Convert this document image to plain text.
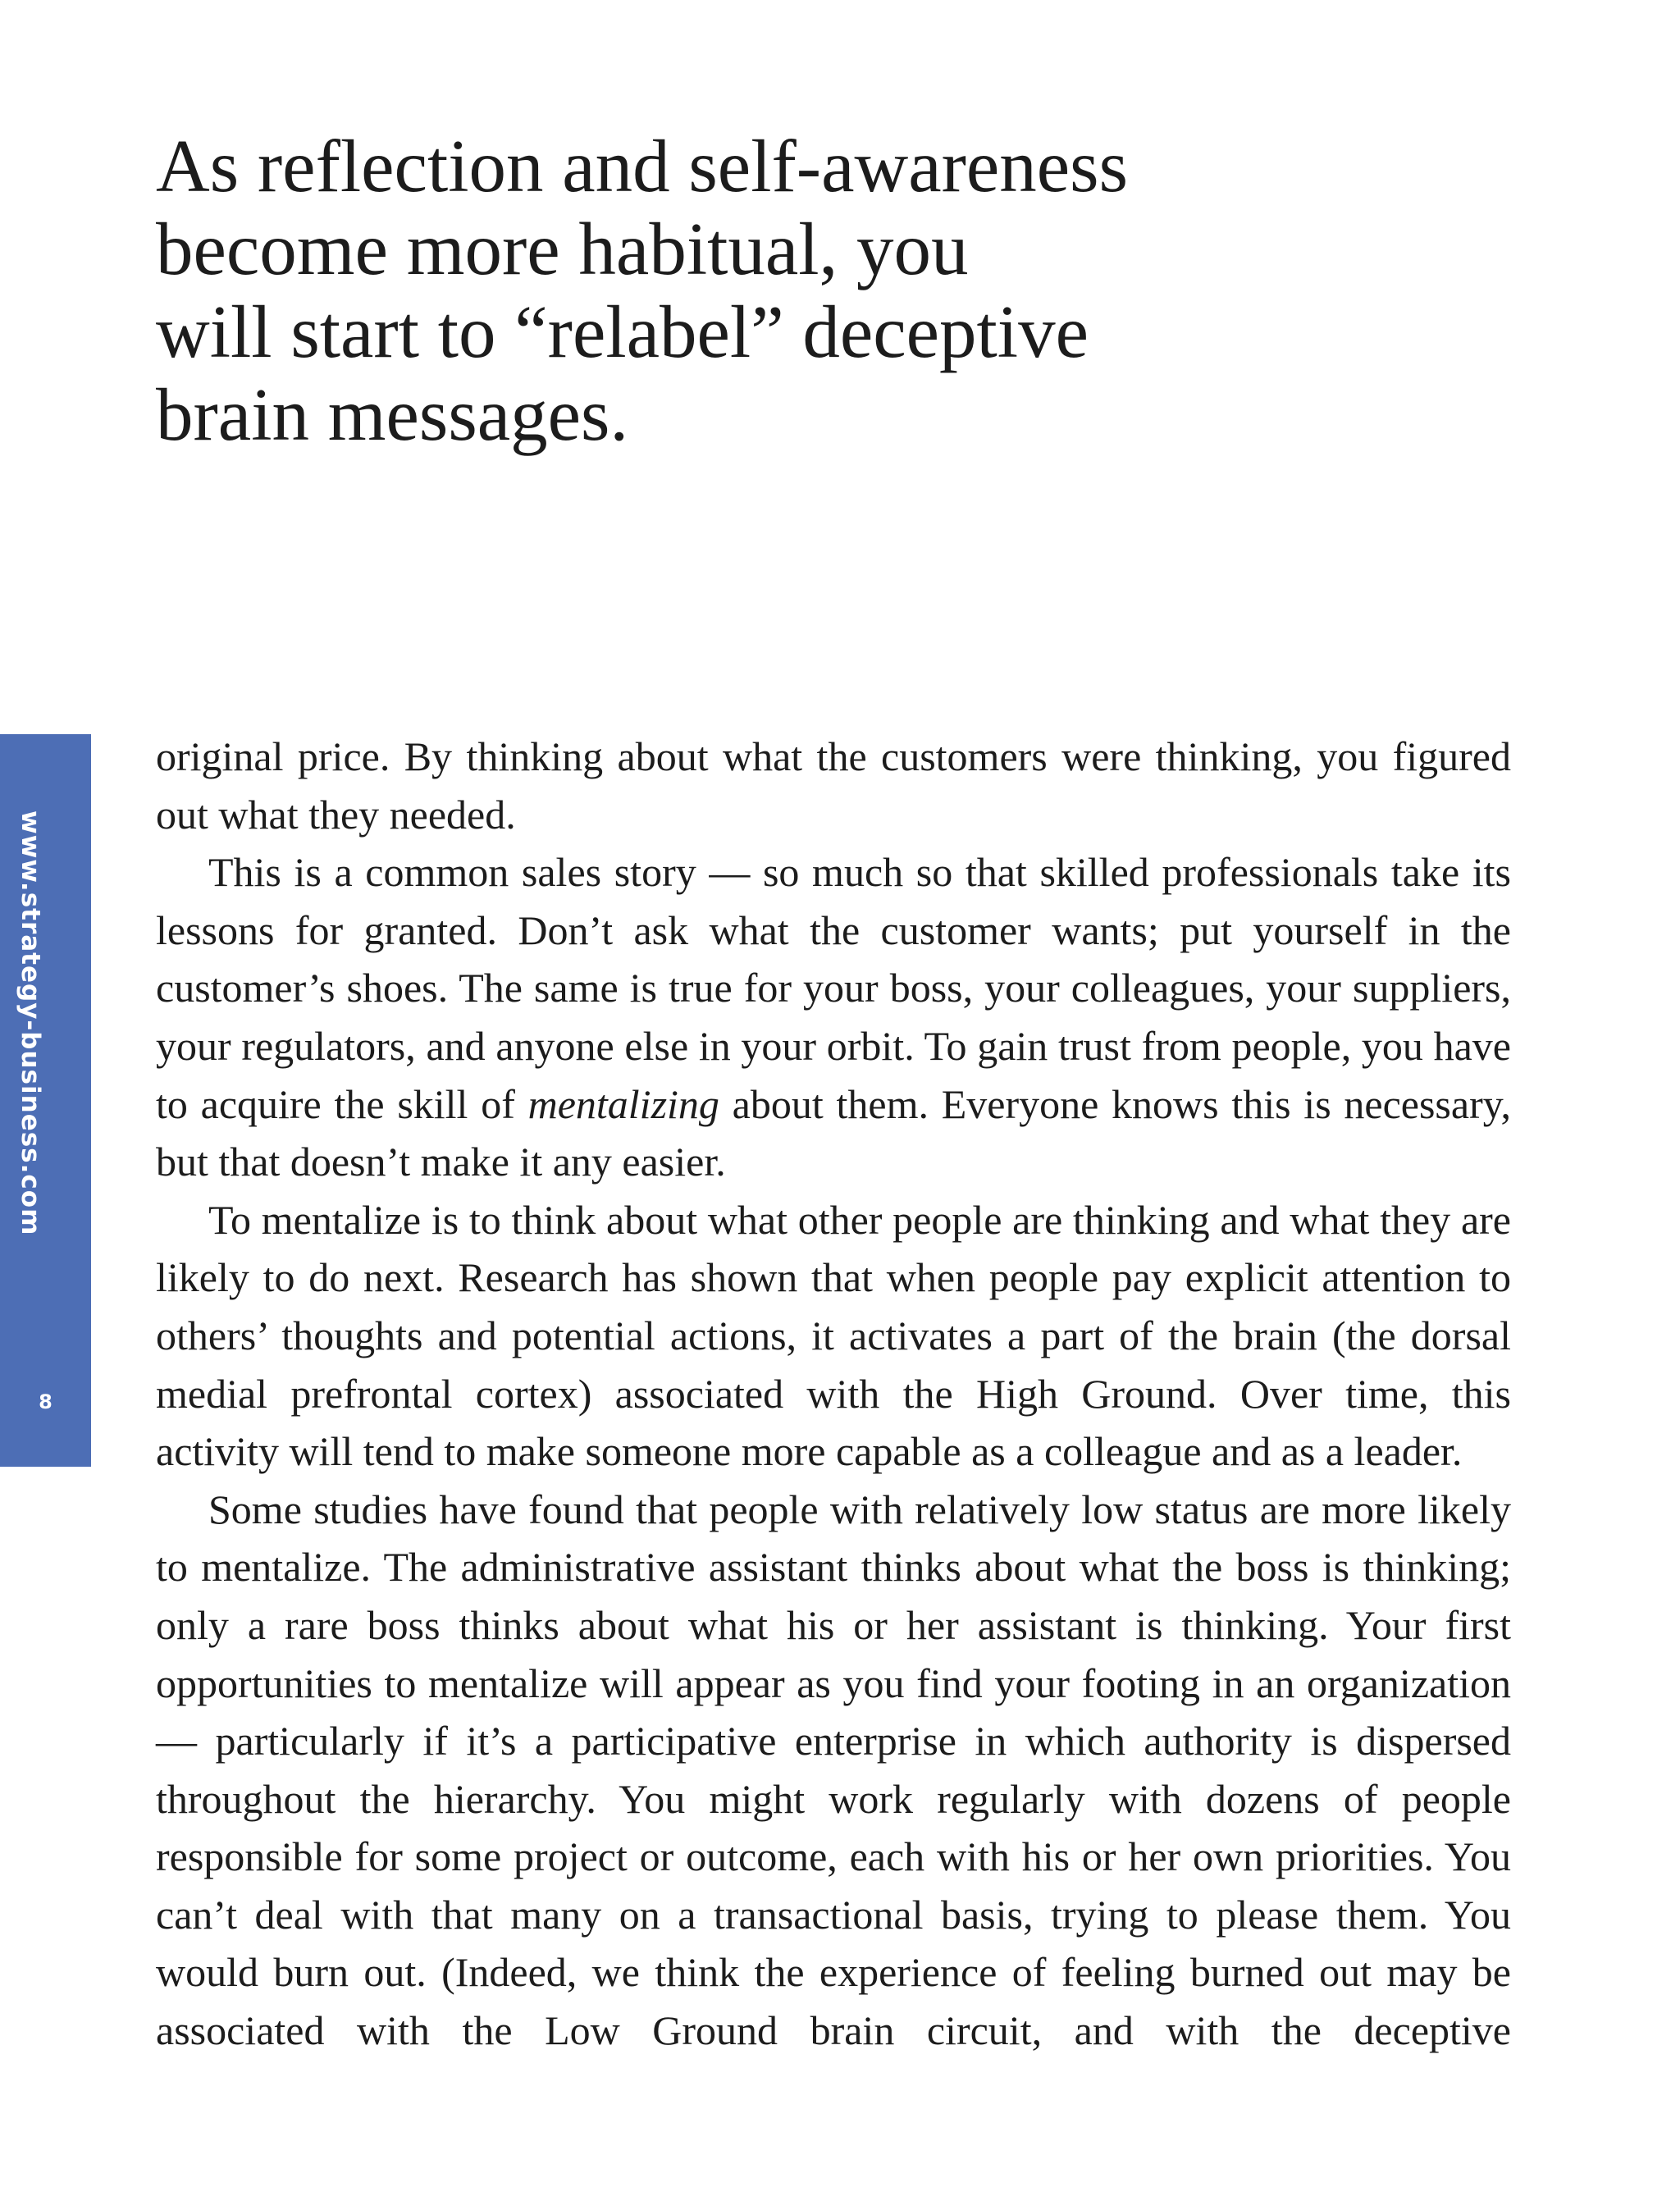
As reflection and self-awareness
become more habitual, you
will start to “relabel” deceptive
brain messages.
www.strategy-business.com
8

original price. By thinking about what the customers were thinking, you figured out what they needed.

This is a common sales story — so much so that skilled professionals take its lessons for granted. Don’t ask what the customer wants; put yourself in the customer’s shoes. The same is true for your boss, your colleagues, your suppliers, your regulators, and anyone else in your orbit. To gain trust from people, you have to acquire the skill of mentalizing about them. Everyone knows this is necessary, but that doesn’t make it any easier.

To mentalize is to think about what other people are thinking and what they are likely to do next. Research has shown that when people pay explicit attention to others’ thoughts and potential actions, it activates a part of the brain (the dorsal medial prefrontal cortex) associated with the High Ground. Over time, this activity will tend to make someone more capable as a colleague and as a leader.

Some studies have found that people with relatively low status are more likely to mentalize. The administrative assistant thinks about what the boss is thinking; only a rare boss thinks about what his or her assistant is thinking. Your first opportunities to mentalize will appear as you find your footing in an organization — particularly if it’s a participative enterprise in which authority is dispersed throughout the hierarchy. You might work regularly with dozens of people responsible for some project or outcome, each with his or her own priorities. You can’t deal with that many on a transactional basis, trying to please them. You would burn out. (Indeed, we think the experience of feeling burned out may be associated with the Low Ground brain circuit, and with the deceptive
